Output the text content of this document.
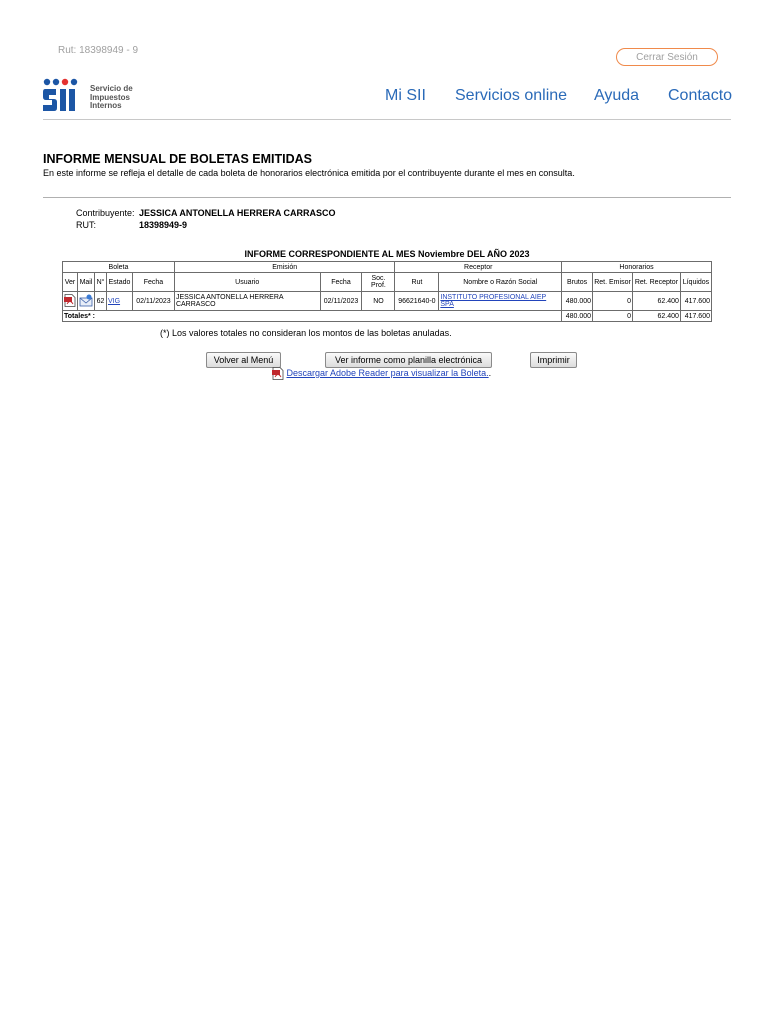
Rut: 18398949 - 9
Cerrar Sesión
Servicio de
Impuestos
Internos
Mi SII Servicios online Ayuda Contacto
INFORME MENSUAL DE BOLETAS EMITIDAS
En este informe se refleja el detalle de cada boleta de honorarios electrónica emitida por el contribuyente durante el mes en consulta.
Contribuyente: JESSICA ANTONELLA HERRERA CARRASCO
RUT:	18398949-9
INFORME CORRESPONDIENTE AL MES Noviembre DEL AÑO 2023
Boleta					Emisión			Receptor		Honorarios			
Ver	Mail	N°	Estado	Fecha	Usuario	Fecha	Soc. Prof.	Rut	Nombre o Razón Social	Brutos	Ret. Emisor	Ret. Receptor	Líquidos
		62	VIG	02/11/2023	JESSICA ANTONELLA HERRERA CARRASCO	02/11/2023	NO	96621640-0	INSTITUTO PROFESIONAL AIEP SPA	480.000	0	62.400	417.600
Totales* :										480.000	0	62.400	417.600
(*) Los valores totales no consideran los montos de las boletas anuladas.
Volver al Menú	Ver informe como planilla electrónica	Imprimir
Descargar Adobe Reader para visualizar la Boleta..
